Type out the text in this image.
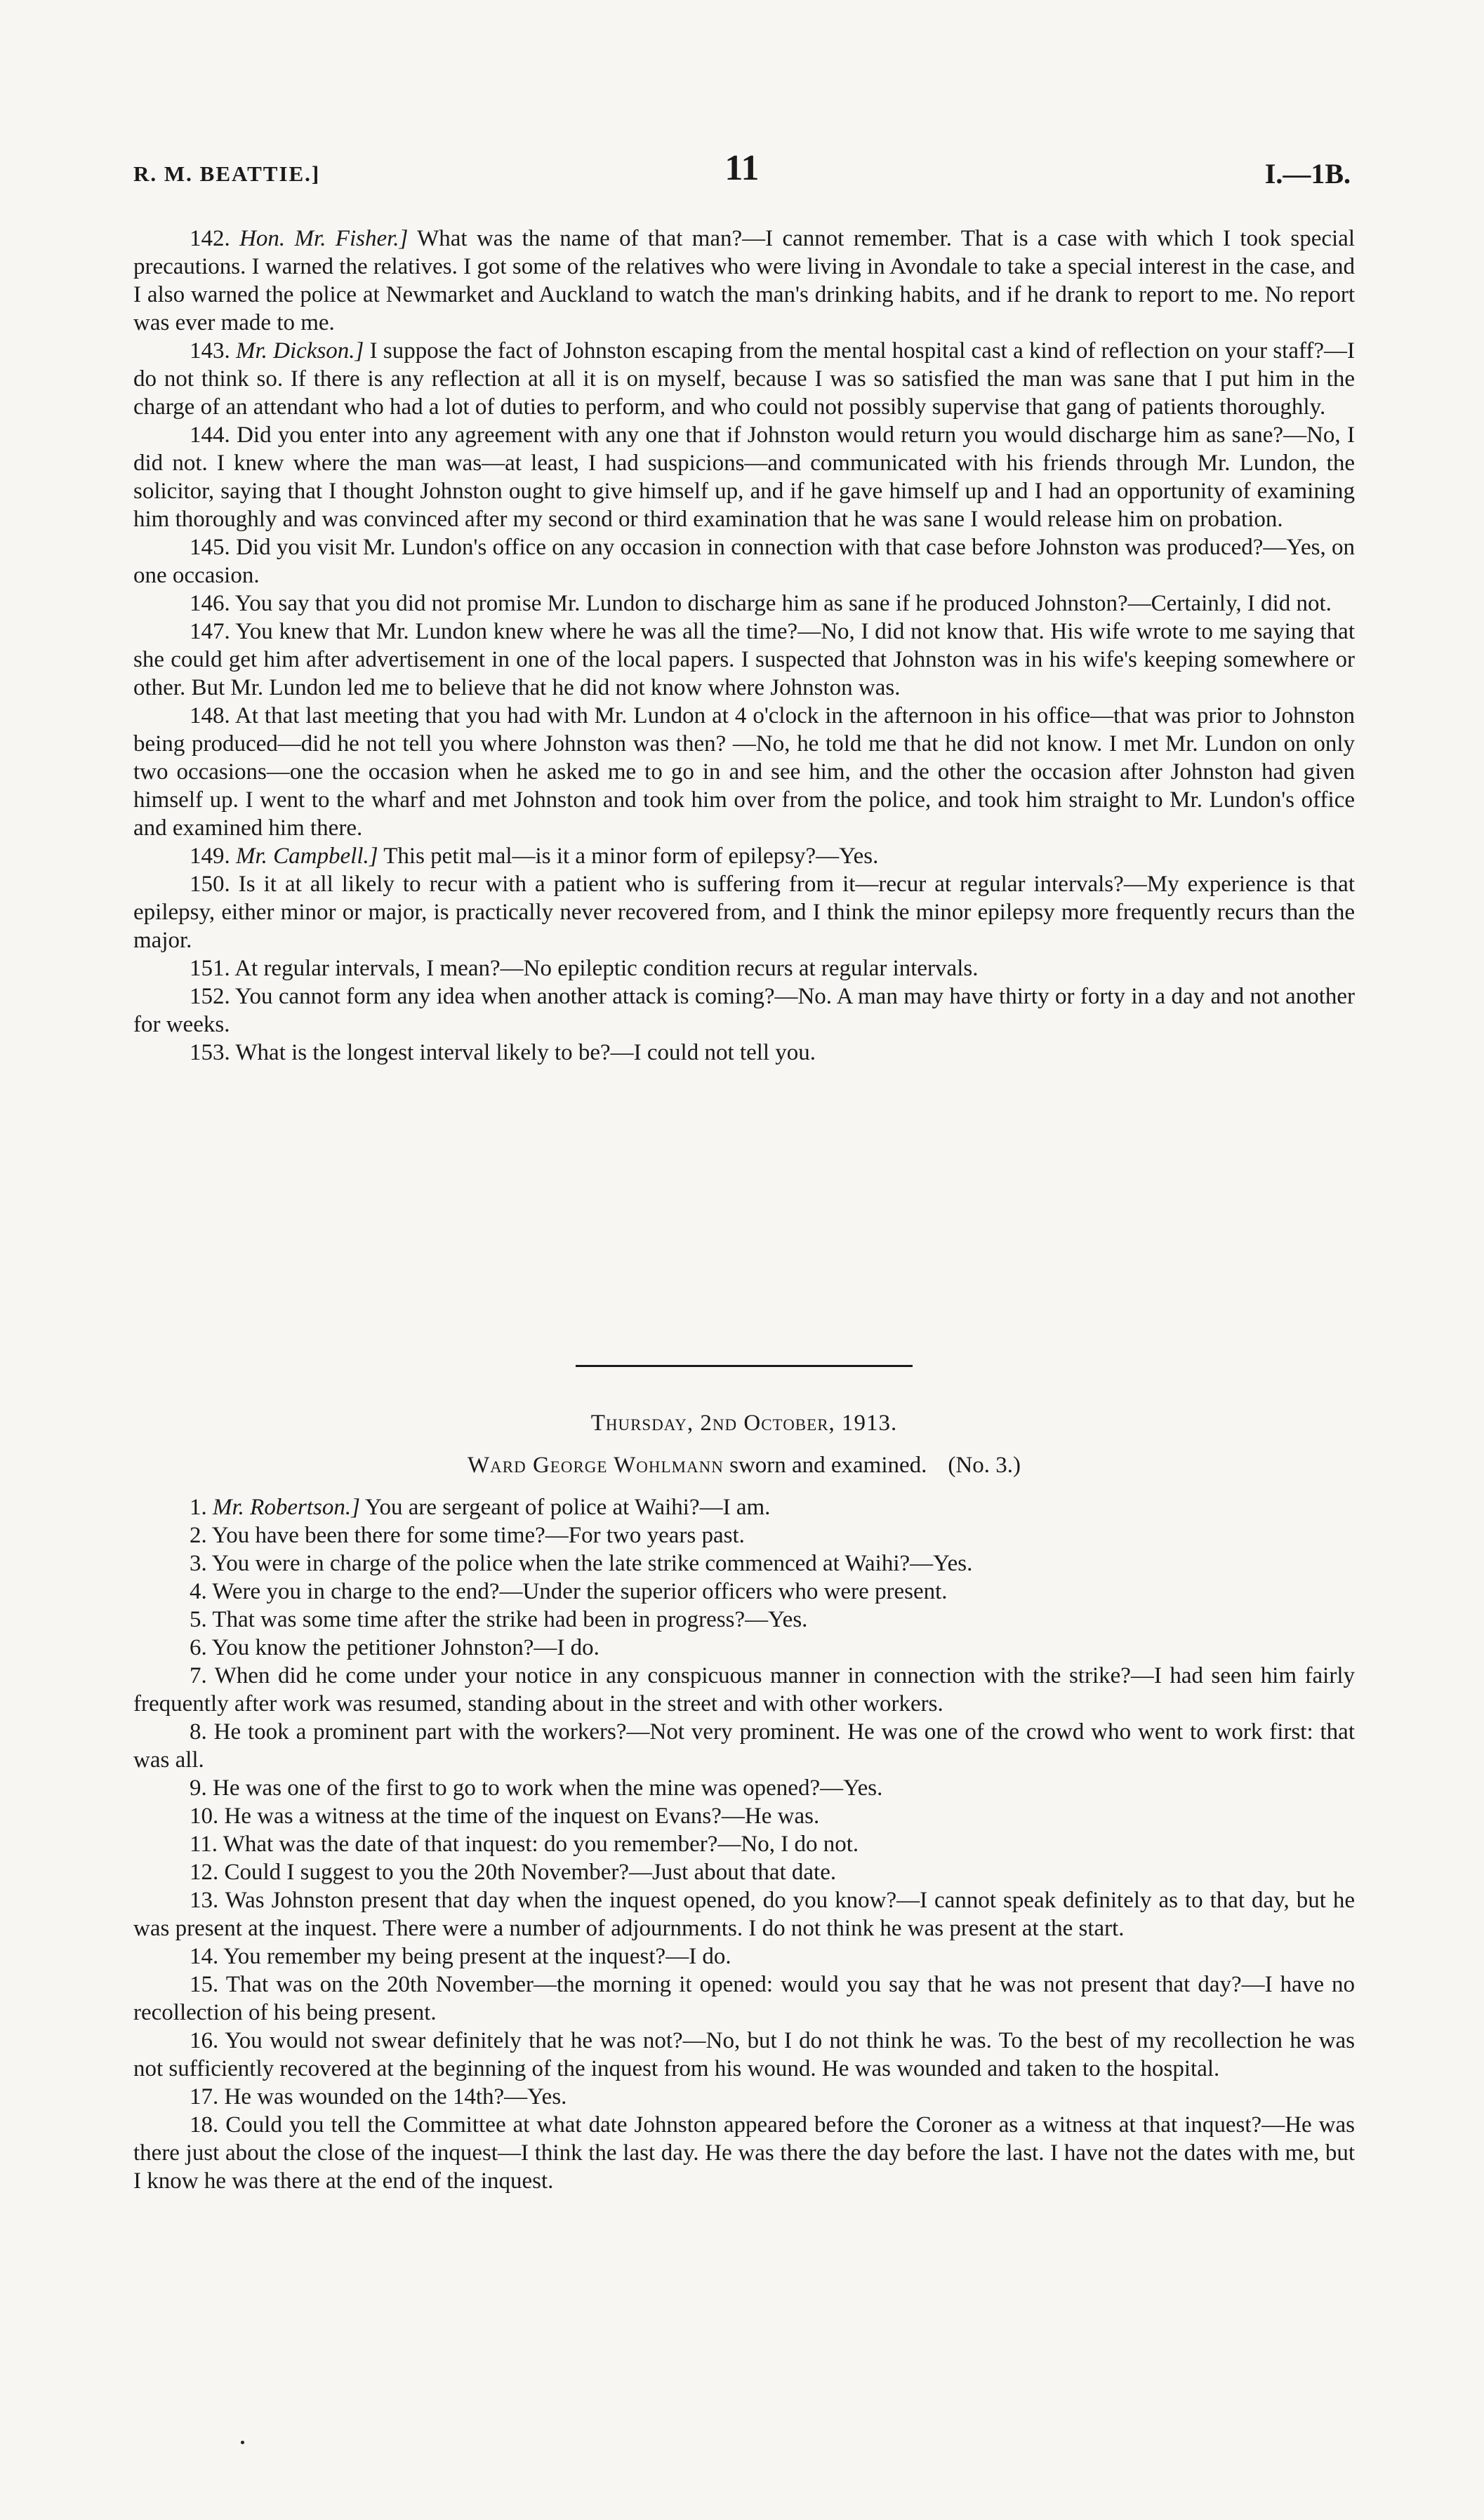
R. M. BEATTIE.]	11	I.—1B.

142. Hon. Mr. Fisher.] What was the name of that man?—I cannot remember. That is a case with which I took special precautions. I warned the relatives. I got some of the relatives who were living in Avondale to take a special interest in the case, and I also warned the police at Newmarket and Auckland to watch the man's drinking habits, and if he drank to report to me. No report was ever made to me.

143. Mr. Dickson.] I suppose the fact of Johnston escaping from the mental hospital cast a kind of reflection on your staff?—I do not think so. If there is any reflection at all it is on myself, because I was so satisfied the man was sane that I put him in the charge of an attendant who had a lot of duties to perform, and who could not possibly supervise that gang of patients thoroughly.

144. Did you enter into any agreement with any one that if Johnston would return you would discharge him as sane?—No, I did not. I knew where the man was—at least, I had suspicions—and communicated with his friends through Mr. Lundon, the solicitor, saying that I thought Johnston ought to give himself up, and if he gave himself up and I had an opportunity of examining him thoroughly and was convinced after my second or third examination that he was sane I would release him on probation.

145. Did you visit Mr. Lundon's office on any occasion in connection with that case before Johnston was produced?—Yes, on one occasion.

146. You say that you did not promise Mr. Lundon to discharge him as sane if he produced Johnston?—Certainly, I did not.

147. You knew that Mr. Lundon knew where he was all the time?—No, I did not know that. His wife wrote to me saying that she could get him after advertisement in one of the local papers. I suspected that Johnston was in his wife's keeping somewhere or other. But Mr. Lundon led me to believe that he did not know where Johnston was.

148. At that last meeting that you had with Mr. Lundon at 4 o'clock in the afternoon in his office—that was prior to Johnston being produced—did he not tell you where Johnston was then? —No, he told me that he did not know. I met Mr. Lundon on only two occasions—one the occasion when he asked me to go in and see him, and the other the occasion after Johnston had given himself up. I went to the wharf and met Johnston and took him over from the police, and took him straight to Mr. Lundon's office and examined him there.

149. Mr. Campbell.] This petit mal—is it a minor form of epilepsy?—Yes.

150. Is it at all likely to recur with a patient who is suffering from it—recur at regular intervals?—My experience is that epilepsy, either minor or major, is practically never recovered from, and I think the minor epilepsy more frequently recurs than the major.

151. At regular intervals, I mean?—No epileptic condition recurs at regular intervals.

152. You cannot form any idea when another attack is coming?—No. A man may have thirty or forty in a day and not another for weeks.

153. What is the longest interval likely to be?—I could not tell you.

Thursday, 2nd October, 1913.
Ward George Wohlmann sworn and examined. (No. 3.)

1. Mr. Robertson.] You are sergeant of police at Waihi?—I am.

2. You have been there for some time?—For two years past.

3. You were in charge of the police when the late strike commenced at Waihi?—Yes.

4. Were you in charge to the end?—Under the superior officers who were present.

5. That was some time after the strike had been in progress?—Yes.

6. You know the petitioner Johnston?—I do.

7. When did he come under your notice in any conspicuous manner in connection with the strike?—I had seen him fairly frequently after work was resumed, standing about in the street and with other workers.

8. He took a prominent part with the workers?—Not very prominent. He was one of the crowd who went to work first: that was all.

9. He was one of the first to go to work when the mine was opened?—Yes.

10. He was a witness at the time of the inquest on Evans?—He was.

11. What was the date of that inquest: do you remember?—No, I do not.

12. Could I suggest to you the 20th November?—Just about that date.

13. Was Johnston present that day when the inquest opened, do you know?—I cannot speak definitely as to that day, but he was present at the inquest. There were a number of adjournments. I do not think he was present at the start.

14. You remember my being present at the inquest?—I do.

15. That was on the 20th November—the morning it opened: would you say that he was not present that day?—I have no recollection of his being present.

16. You would not swear definitely that he was not?—No, but I do not think he was. To the best of my recollection he was not sufficiently recovered at the beginning of the inquest from his wound. He was wounded and taken to the hospital.

17. He was wounded on the 14th?—Yes.

18. Could you tell the Committee at what date Johnston appeared before the Coroner as a witness at that inquest?—He was there just about the close of the inquest—I think the last day. He was there the day before the last. I have not the dates with me, but I know he was there at the end of the inquest.
